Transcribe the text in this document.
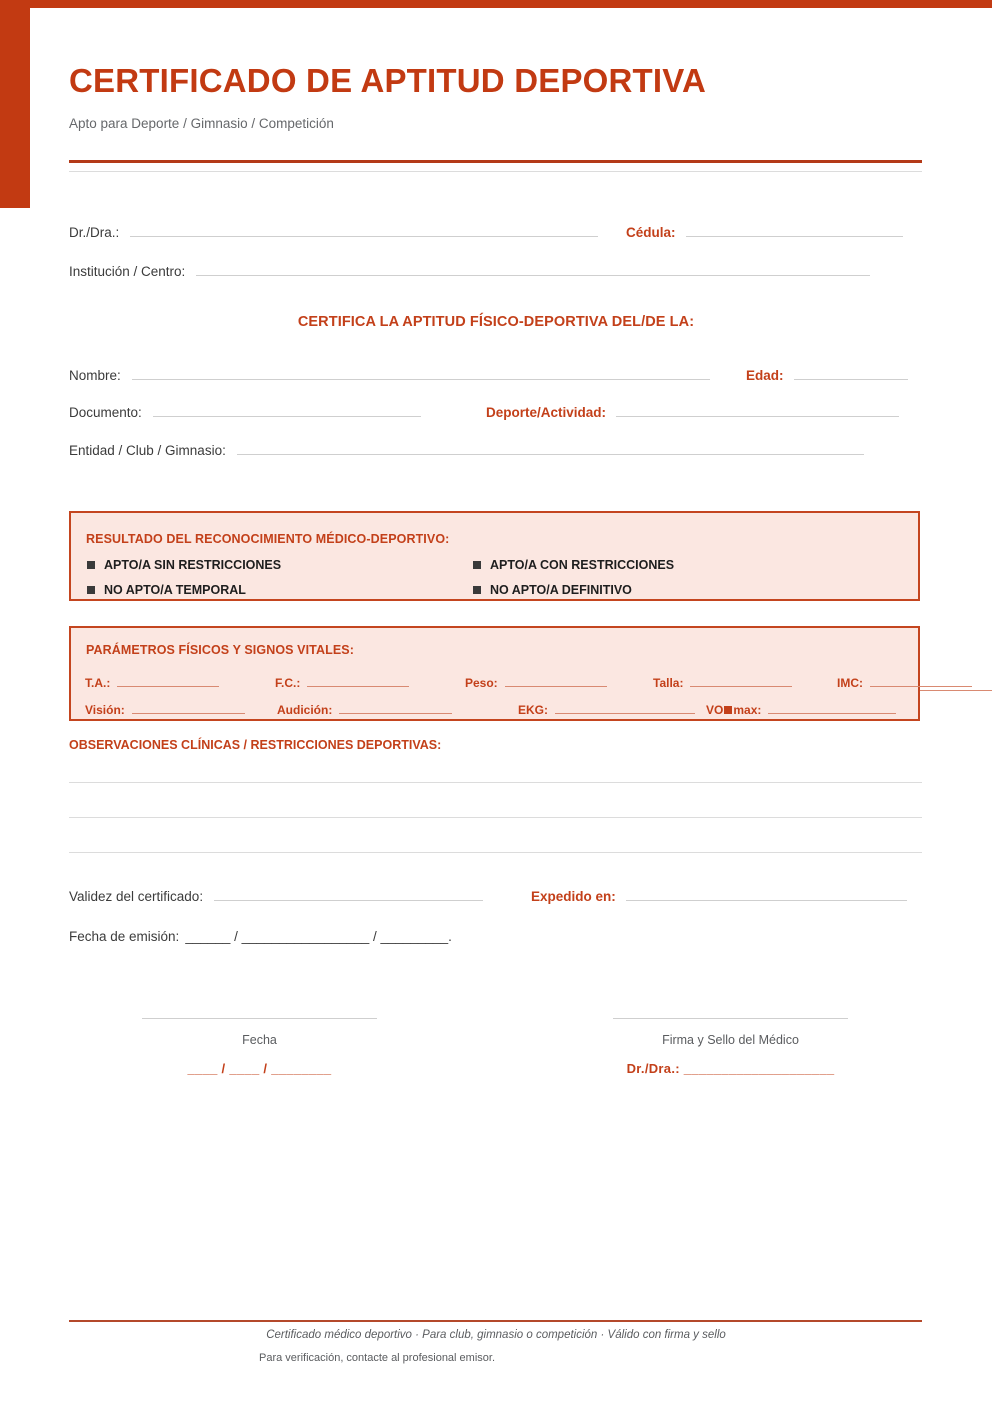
CERTIFICADO DE APTITUD DEPORTIVA

Apto para Deporte / Gimnasio / Competición

Dr./Dra.:	Cédula:
Institución / Centro:
CERTIFICA LA APTITUD FÍSICO-DEPORTIVA DEL/DE LA:
Nombre:	Edad:
Documento:	Deporte/Actividad:
Entidad / Club / Gimnasio:
RESULTADO DEL RECONOCIMIENTO MÉDICO-DEPORTIVO:
APTO/A SIN RESTRICCIONES	APTO/A CON RESTRICCIONES
NO APTO/A TEMPORAL	NO APTO/A DEFINITIVO
PARÁMETROS FÍSICOS Y SIGNOS VITALES:
T.A.:	F.C.:	Peso:	Talla:	IMC:
Visión:	Audición:	EKG:	VO max:
OBSERVACIONES CLÍNICAS / RESTRICCIONES DEPORTIVAS:
Validez del certificado:	Expedido en:
Fecha de emisión: ______ / _________________ / _________.
Fecha
____ / ____ / ________
Firma y Sello del Médico
Dr./Dra.: ____________________
Certificado médico deportivo · Para club, gimnasio o competición · Válido con firma y sello
Para verificación, contacte al profesional emisor.
